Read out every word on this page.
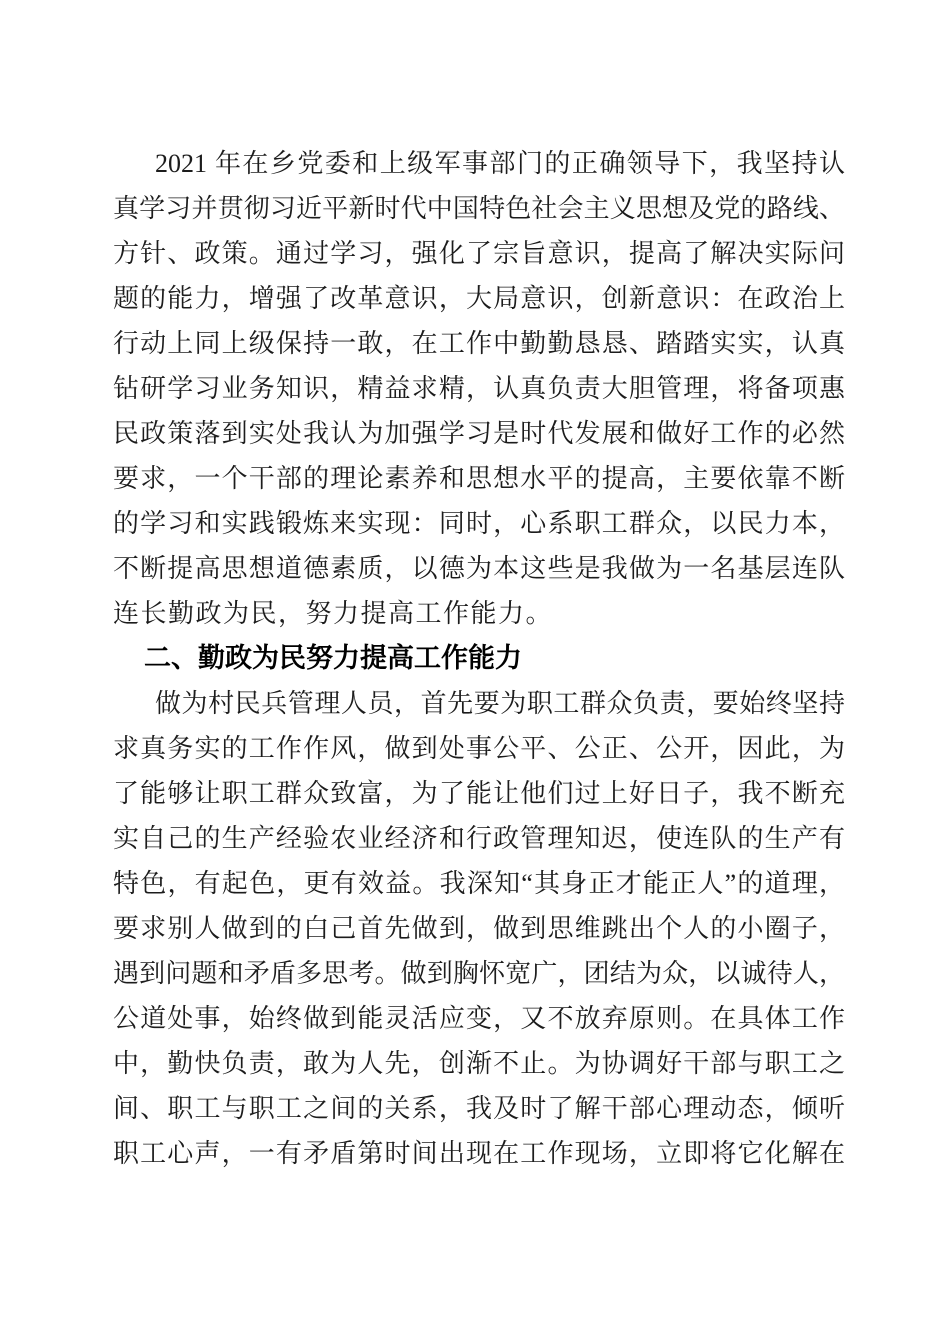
2021 年在乡党委和上级军事部门的正确领导下，我坚持认
真学习并贯彻习近平新时代中国特色社会主义思想及党的路线、
方针、政策。通过学习，强化了宗旨意识，提高了解决实际问
题的能力，增强了改革意识，大局意识，创新意识：在政治上
行动上同上级保持一敢，在工作中勤勤恳恳、踏踏实实，认真
钻研学习业务知识，精益求精，认真负责大胆管理，将备项惠
民政策落到实处我认为加强学习是时代发展和做好工作的必然
要求，一个干部的理论素养和思想水平的提高，主要依靠不断
的学习和实践锻炼来实现：同时，心系职工群众，以民力本，
不断提高思想道德素质，以德为本这些是我做为一名基层连队
连长勤政为民，努力提高工作能力。
二、勤政为民努力提高工作能力
做为村民兵管理人员，首先要为职工群众负责，要始终坚持
求真务实的工作作风，做到处事公平、公正、公开，因此，为
了能够让职工群众致富，为了能让他们过上好日子，我不断充
实自己的生产经验农业经济和行政管理知迟，使连队的生产有
特色，有起色，更有效益。我深知“其身正才能正人”的道理，
要求别人做到的白己首先做到，做到思维跳出个人的小圈子，
遇到问题和矛盾多思考。做到胸怀宽广，团结为众，以诚待人，
公道处事，始终做到能灵活应变，又不放弃原则。在具体工作
中，勤快负责，敢为人先，创渐不止。为协调好干部与职工之
间、职工与职工之间的关系，我及时了解干部心理动态，倾听
职工心声，一有矛盾第时间出现在工作现场，立即将它化解在
